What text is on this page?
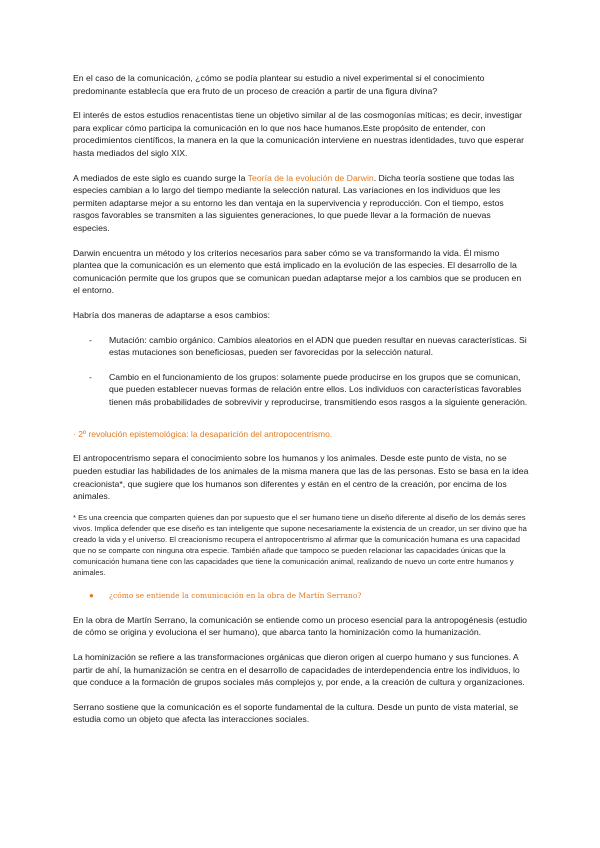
En el caso de la comunicación, ¿cómo se podía plantear su estudio a nivel experimental si el conocimiento predominante establecía que era fruto de un proceso de creación a partir de una figura divina?

El interés de estos estudios renacentistas tiene un objetivo similar al de las cosmogonías míticas; es decir, investigar para explicar cómo participa la comunicación en lo que nos hace humanos.Este propósito de entender, con procedimientos científicos, la manera en la que la comunicación interviene en nuestras identidades, tuvo que esperar hasta mediados del siglo XIX.

A mediados de este siglo es cuando surge la Teoría de la evolución de Darwin. Dicha teoría sostiene que todas las especies cambian a lo largo del tiempo mediante la selección natural. Las variaciones en los individuos que les permiten adaptarse mejor a su entorno les dan ventaja en la supervivencia y reproducción. Con el tiempo, estos rasgos favorables se transmiten a las siguientes generaciones, lo que puede llevar a la formación de nuevas especies.

Darwin encuentra un método y los criterios necesarios para saber cómo se va transformando la vida. Él mismo plantea que la comunicación es un elemento que está implicado en la evolución de las especies. El desarrollo de la comunicación permite que los grupos que se comunican puedan adaptarse mejor a los cambios que se producen en el entorno.

Habría dos maneras de adaptarse a esos cambios:

- Mutación: cambio orgánico. Cambios aleatorios en el ADN que pueden resultar en nuevas características. Si estas mutaciones son beneficiosas, pueden ser favorecidas por la selección natural.

- Cambio en el funcionamiento de los grupos: solamente puede producirse en los grupos que se comunican, que pueden establecer nuevas formas de relación entre ellos. Los individuos con características favorables tienen más probabilidades de sobrevivir y reproducirse, transmitiendo esos rasgos a la siguiente generación.

· 2º revolución epistemológica: la desaparición del antropocentrismo.

El antropocentrismo separa el conocimiento sobre los humanos y los animales. Desde este punto de vista, no se pueden estudiar las habilidades de los animales de la misma manera que las de las personas. Esto se basa en la idea creacionista*, que sugiere que los humanos son diferentes y están en el centro de la creación, por encima de los animales.

* Es una creencia que comparten quienes dan por supuesto que el ser humano tiene un diseño diferente al diseño de los demás seres vivos. Implica defender que ese diseño es tan inteligente que supone necesariamente la existencia de un creador, un ser divino que ha creado la vida y el universo. El creacionismo recupera el antropocentrismo al afirmar que la comunicación humana es una capacidad que no se comparte con ninguna otra especie. También añade que tampoco se pueden relacionar las capacidades únicas que la comunicación humana tiene con las capacidades que tiene la comunicación animal, realizando de nuevo un corte entre humanos y animales.

● ¿cómo se entiende la comunicación en la obra de Martín Serrano?

En la obra de Martín Serrano, la comunicación se entiende como un proceso esencial para la antropogénesis (estudio de cómo se origina y evoluciona el ser humano), que abarca tanto la hominización como la humanización.

La hominización se refiere a las transformaciones orgánicas que dieron origen al cuerpo humano y sus funciones. A partir de ahí, la humanización se centra en el desarrollo de capacidades de interdependencia entre los individuos, lo que conduce a la formación de grupos sociales más complejos y, por ende, a la creación de cultura y organizaciones.

Serrano sostiene que la comunicación es el soporte fundamental de la cultura. Desde un punto de vista material, se estudia como un objeto que afecta las interacciones sociales.
